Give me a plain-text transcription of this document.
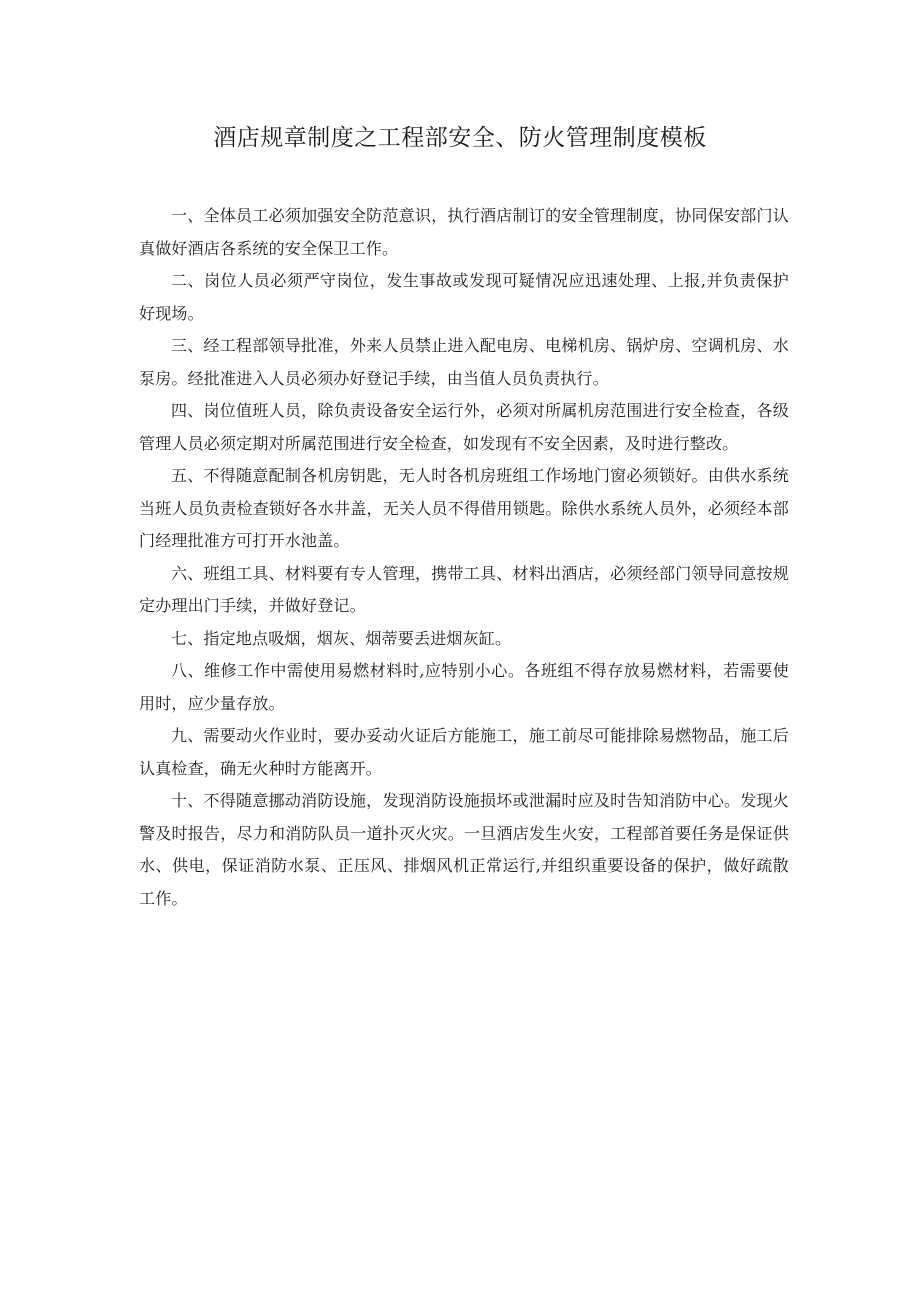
酒店规章制度之工程部安全、防火管理制度模板

一、全体员工必须加强安全防范意识，执行酒店制订的安全管理制度，协同保安部门认真做好酒店各系统的安全保卫工作。

二、岗位人员必须严守岗位，发生事故或发现可疑情况应迅速处理、上报,并负责保护好现场。

三、经工程部领导批准，外来人员禁止进入配电房、电梯机房、锅炉房、空调机房、水泵房。经批准进入人员必须办好登记手续，由当值人员负责执行。

四、岗位值班人员，除负责设备安全运行外，必须对所属机房范围进行安全检查，各级管理人员必须定期对所属范围进行安全检查，如发现有不安全因素，及时进行整改。

五、不得随意配制各机房钥匙，无人时各机房班组工作场地门窗必须锁好。由供水系统当班人员负责检查锁好各水井盖，无关人员不得借用锁匙。除供水系统人员外，必须经本部门经理批准方可打开水池盖。

六、班组工具、材料要有专人管理，携带工具、材料出酒店，必须经部门领导同意按规定办理出门手续，并做好登记。

七、指定地点吸烟，烟灰、烟蒂要丢进烟灰缸。

八、维修工作中需使用易燃材料时,应特别小心。各班组不得存放易燃材料，若需要使用时，应少量存放。

九、需要动火作业时，要办妥动火证后方能施工，施工前尽可能排除易燃物品，施工后认真检查，确无火种时方能离开。

十、不得随意挪动消防设施，发现消防设施损坏或泄漏时应及时告知消防中心。发现火警及时报告，尽力和消防队员一道扑灭火灾。一旦酒店发生火安，工程部首要任务是保证供水、供电，保证消防水泵、正压风、排烟风机正常运行,并组织重要设备的保护，做好疏散工作。
